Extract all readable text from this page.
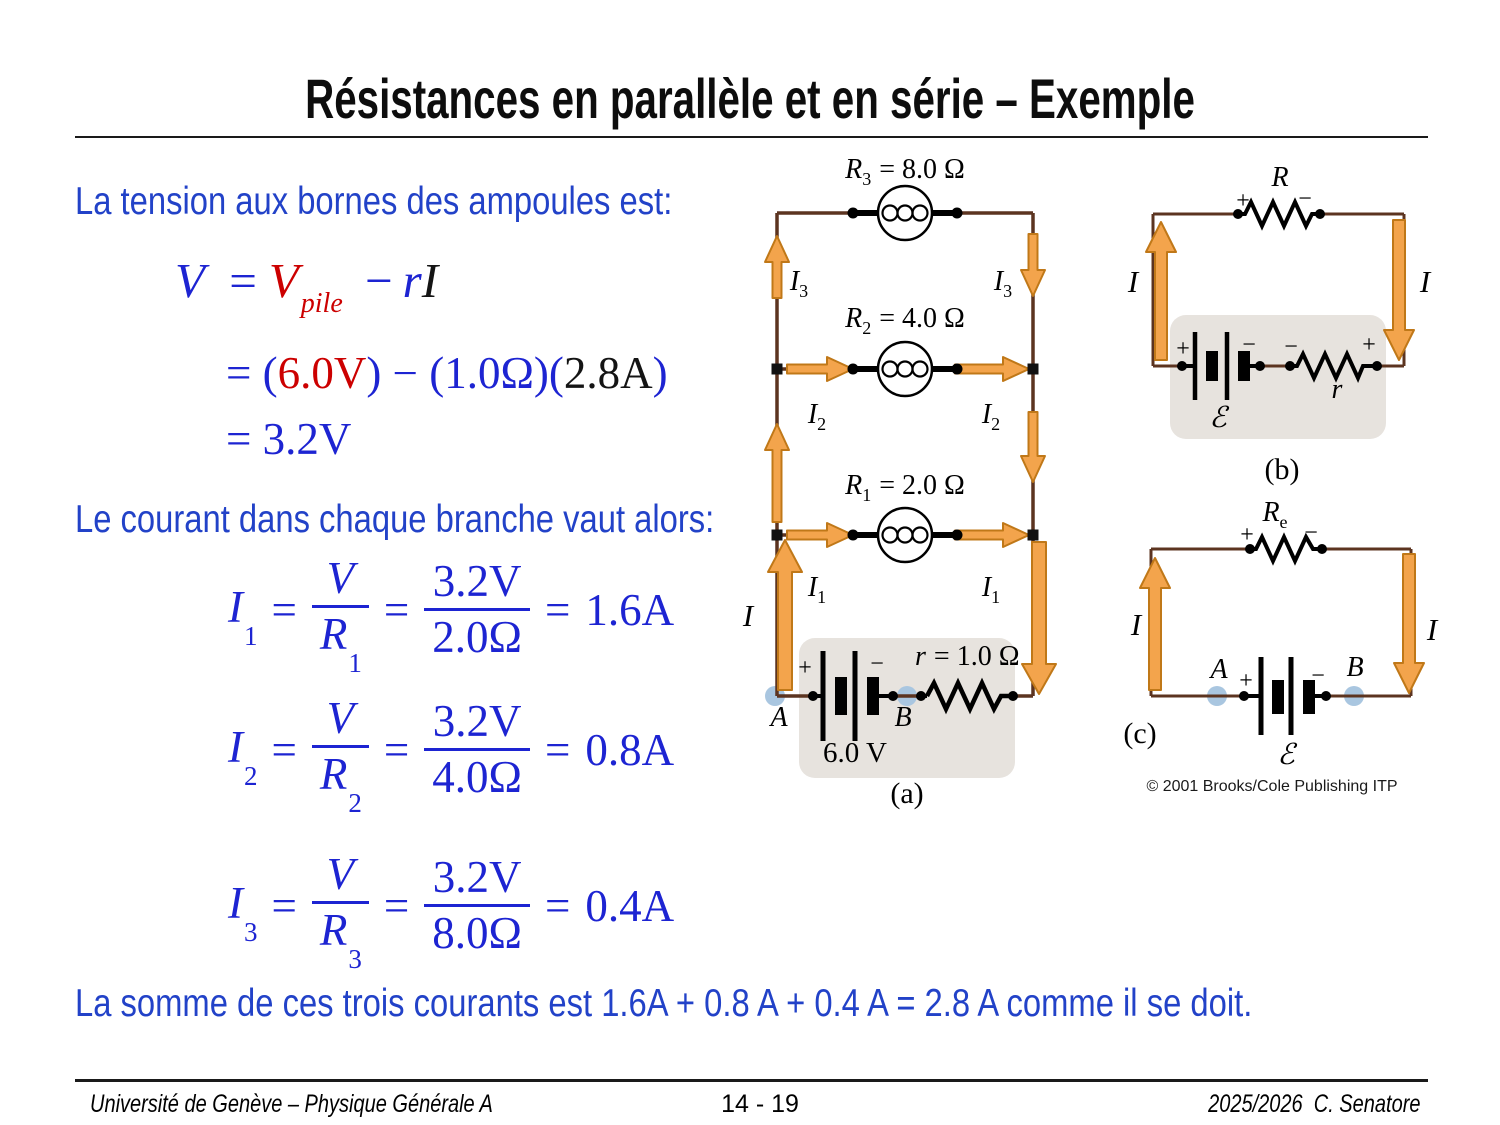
Résistances en parallèle et en série – Exemple
La tension aux bornes des ampoules est:
$V = V_{pile}$ − rI
= (6.0V) − (1.0Ω)(2.8A)
= 3.2V
Le courant dans chaque branche vaut alors:
$I_1$
= $\frac{V}{R_1} = \frac{3.2V}{2.0\Omega} = 1.6A$
$I_2$
= $\frac{V}{R_2} = \frac{3.2V}{4.0\Omega} = 0.8A$
$I_3$
= $\frac{V}{R_3} = \frac{3.2V}{8.0\Omega} = 0.4A$
La somme de ces trois courants est 1.6A + 0.8 A + 0.4 A = 2.8 A comme il se doit.
$R_3 = 8.0$ Ω
$R_2 = 4.0$ Ω
$R_1 = 2.0$ Ω
$I_3$	$I_3$
$I_2$	$I_2$
$I_1$	$I_1$
I
r = 1.0 Ω
+ −
A	B
6.0 V
(a)
R
+ −
I	I
+ − −	+
r
ℰ
(b)
$R_e$
+ −
I	I
A	B
+ −
ℰ
(c)
© 2001 Brooks/Cole Publishing ITP
Université de Genève – Physique Générale A	14 - 19	2025/2026  C. Senatore
